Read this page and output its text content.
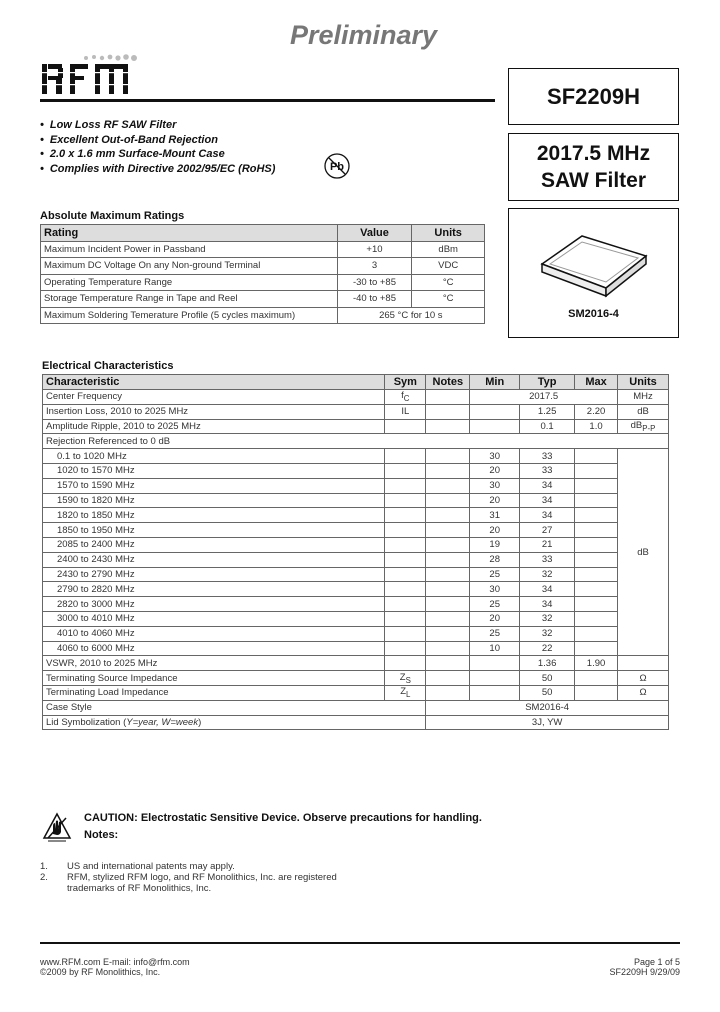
Preliminary
SF2209H
2017.5 MHz
SAW Filter
SM2016-4
• Low Loss RF SAW Filter
• Excellent Out-of-Band Rejection
• 2.0 x 1.6 mm Surface-Mount Case
• Complies with Directive 2002/95/EC (RoHS)	Pb
Absolute Maximum Ratings
Rating	Value	Units
Maximum Incident Power in Passband	+10	dBm
Maximum DC Voltage On any Non-ground Terminal	3	VDC
Operating Temperature Range	-30 to +85	°C
Storage Temperature Range in Tape and Reel	-40 to +85	°C
Maximum Soldering Temerature Profile (5 cycles maximum)	265 °C for 10 s	
Electrical Characteristics
Characteristic	Sym	Notes	Min	Typ	Max	Units
Center Frequency	$f_C$		2017.5			MHz
Insertion Loss, 2010 to 2025 MHz	IL			1.25	2.20	dB
Amplitude Ripple, 2010 to 2025 MHz				0.1	1.0	$dB_{P-P}$
Rejection Referenced to 0 dB						
0.1 to 1020 MHz			30	33		dB
1020 to 1570 MHz			20	33		
1570 to 1590 MHz			30	34		
1590 to 1820 MHz			20	34		
1820 to 1850 MHz			31	34		
1850 to 1950 MHz			20	27		
2085 to 2400 MHz			19	21		
2400 to 2430 MHz			28	33		
2430 to 2790 MHz			25	32		
2790 to 2820 MHz			30	34		
2820 to 3000 MHz			25	34		
3000 to 4010 MHz			20	32		
4010 to 4060 MHz			25	32		
4060 to 6000 MHz			10	22		
VSWR, 2010 to 2025 MHz				1.36	1.90	
Terminating Source Impedance	$Z_S$			50		Ω
Terminating Load Impedance	$Z_L$			50		Ω
Case Style		SM2016-4				
Lid Symbolization (Y=year, W=week)		3J, YW				
CAUTION: Electrostatic Sensitive Device. Observe precautions for handling.
Notes:
1. US and international patents may apply.
2. RFM, stylized RFM logo, and RF Monolithics, Inc. are registered
trademarks of RF Monolithics, Inc.
www.RFM.com E-mail: info@rfm.com
©2009 by RF Monolithics, Inc.
Page 1 of 5
SF2209H 9/29/09
